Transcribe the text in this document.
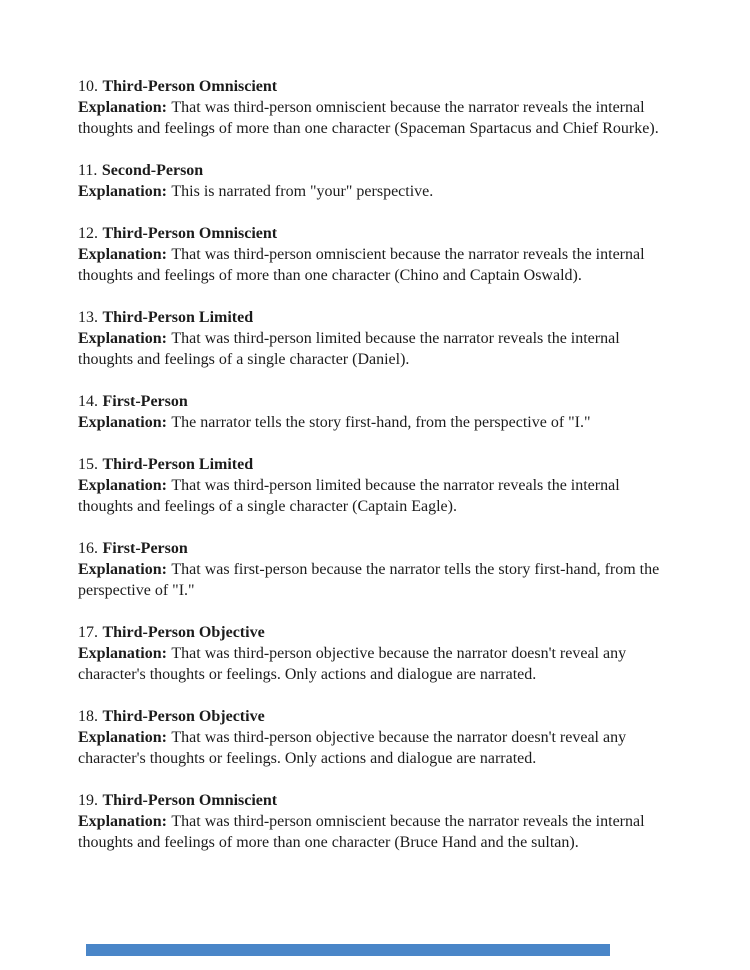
10. Third-Person Omniscient

Explanation: That was third-person omniscient because the narrator reveals the internal thoughts and feelings of more than one character (Spaceman Spartacus and Chief Rourke).

11. Second-Person

Explanation: This is narrated from "your" perspective.

12. Third-Person Omniscient

Explanation: That was third-person omniscient because the narrator reveals the internal thoughts and feelings of more than one character (Chino and Captain Oswald).

13. Third-Person Limited

Explanation: That was third-person limited because the narrator reveals the internal thoughts and feelings of a single character (Daniel).

14. First-Person

Explanation: The narrator tells the story first-hand, from the perspective of "I."

15. Third-Person Limited

Explanation: That was third-person limited because the narrator reveals the internal thoughts and feelings of a single character (Captain Eagle).

16. First-Person

Explanation: That was first-person because the narrator tells the story first-hand, from the perspective of "I."

17. Third-Person Objective

Explanation: That was third-person objective because the narrator doesn't reveal any character's thoughts or feelings. Only actions and dialogue are narrated.

18. Third-Person Objective

Explanation: That was third-person objective because the narrator doesn't reveal any character's thoughts or feelings. Only actions and dialogue are narrated.

19. Third-Person Omniscient

Explanation: That was third-person omniscient because the narrator reveals the internal thoughts and feelings of more than one character (Bruce Hand and the sultan).
